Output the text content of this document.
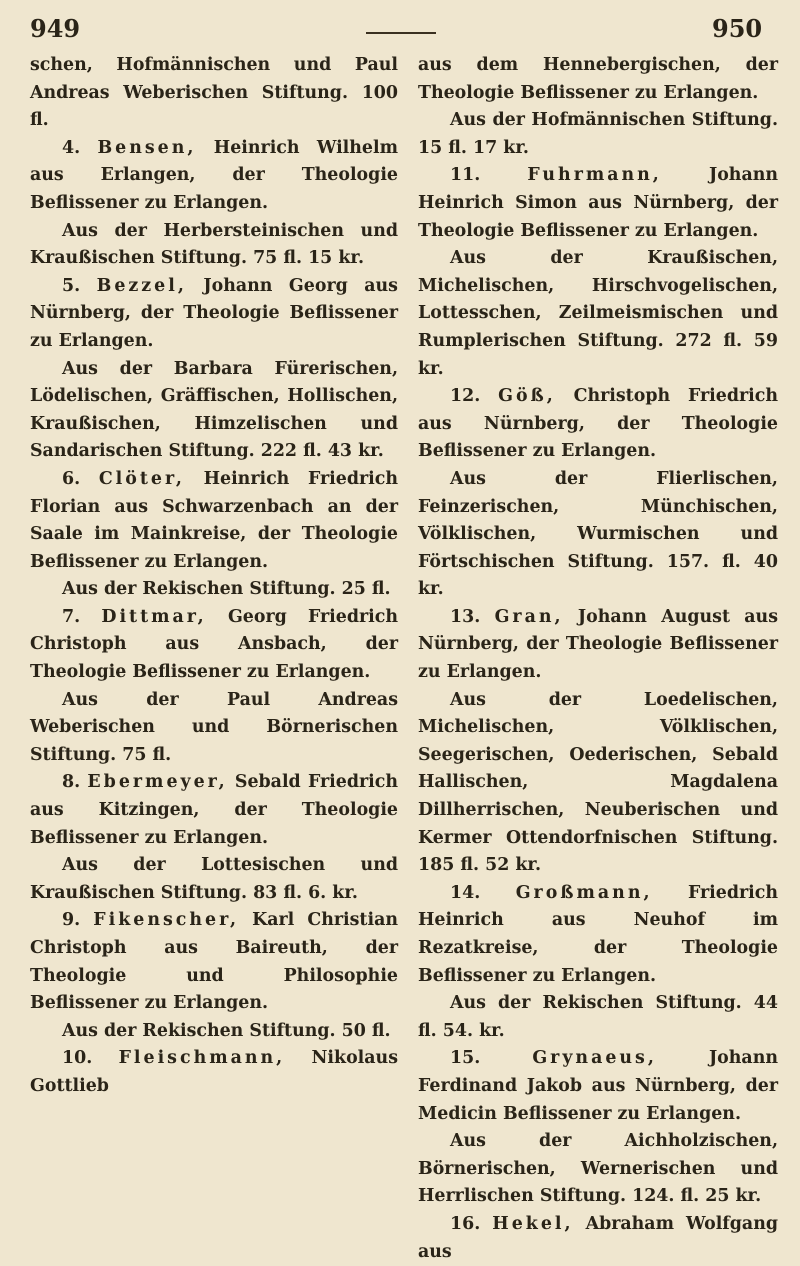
949	950

schen, Hofmännischen und Paul Andreas Weberischen Stiftung. 100 fl.

4. Bensen, Heinrich Wilhelm aus Erlangen, der Theologie Beflissener zu Erlangen.

Aus der Herbersteinischen und Kraußischen Stiftung. 75 fl. 15 kr.

5. Bezzel, Johann Georg aus Nürnberg, der Theologie Beflissener zu Erlangen.

Aus der Barbara Fürerischen, Lödelischen, Gräffischen, Hollischen, Kraußischen, Himzelischen und Sandarischen Stiftung. 222 fl. 43 kr.

6. Clöter, Heinrich Friedrich Florian aus Schwarzenbach an der Saale im Mainkreise, der Theologie Beflissener zu Erlangen.

Aus der Rekischen Stiftung. 25 fl.

7. Dittmar, Georg Friedrich Christoph aus Ansbach, der Theologie Beflissener zu Erlangen.

Aus der Paul Andreas Weberischen und Börnerischen Stiftung. 75 fl.

8. Ebermeyer, Sebald Friedrich aus Kitzingen, der Theologie Beflissener zu Erlangen.

Aus der Lottesischen und Kraußischen Stiftung. 83 fl. 6. kr.

9. Fikenscher, Karl Christian Christoph aus Baireuth, der Theologie und Philosophie Beflissener zu Erlangen.

Aus der Rekischen Stiftung. 50 fl.

10. Fleischmann, Nikolaus Gottlieb

aus dem Hennebergischen, der Theologie Beflissener zu Erlangen.

Aus der Hofmännischen Stiftung. 15 fl. 17 kr.

11.	Fuhrmann,	Johann Heinrich Simon aus Nürnberg, der Theologie Beflissener zu Erlangen.

Aus der Kraußischen, Michelischen, Hirschvogelischen, Lottesschen, Zeilmeismischen und Rumplerischen Stiftung. 272 fl. 59 kr.

12. Göß, Christoph Friedrich aus Nürnberg, der Theologie Beflissener zu Erlangen.

Aus der Flierlischen, Feinzerischen, Münchischen, Völklischen, Wurmischen und Förtschischen Stiftung. 157. fl. 40 kr.

13. Gran, Johann August aus Nürnberg, der Theologie Beflissener zu Erlangen.

Aus der Loedelischen, Michelischen, Völklischen, Seegerischen, Oederischen, Sebald Hallischen, Magdalena Dillherrischen, Neuberischen und Kermer Ottendorfnischen Stiftung. 185 fl. 52 kr.

14. Großmann, Friedrich Heinrich aus Neuhof im Rezatkreise, der Theologie Beflissener zu Erlangen.

Aus der Rekischen Stiftung. 44 fl. 54. kr.

15.	Grynaeus,	Johann Ferdinand Jakob aus Nürnberg, der Medicin Beflissener zu Erlangen.

Aus der Aichholzischen, Börnerischen, Wernerischen und Herrlischen Stiftung. 124. fl. 25 kr.

16. Hekel, Abraham Wolfgang aus
